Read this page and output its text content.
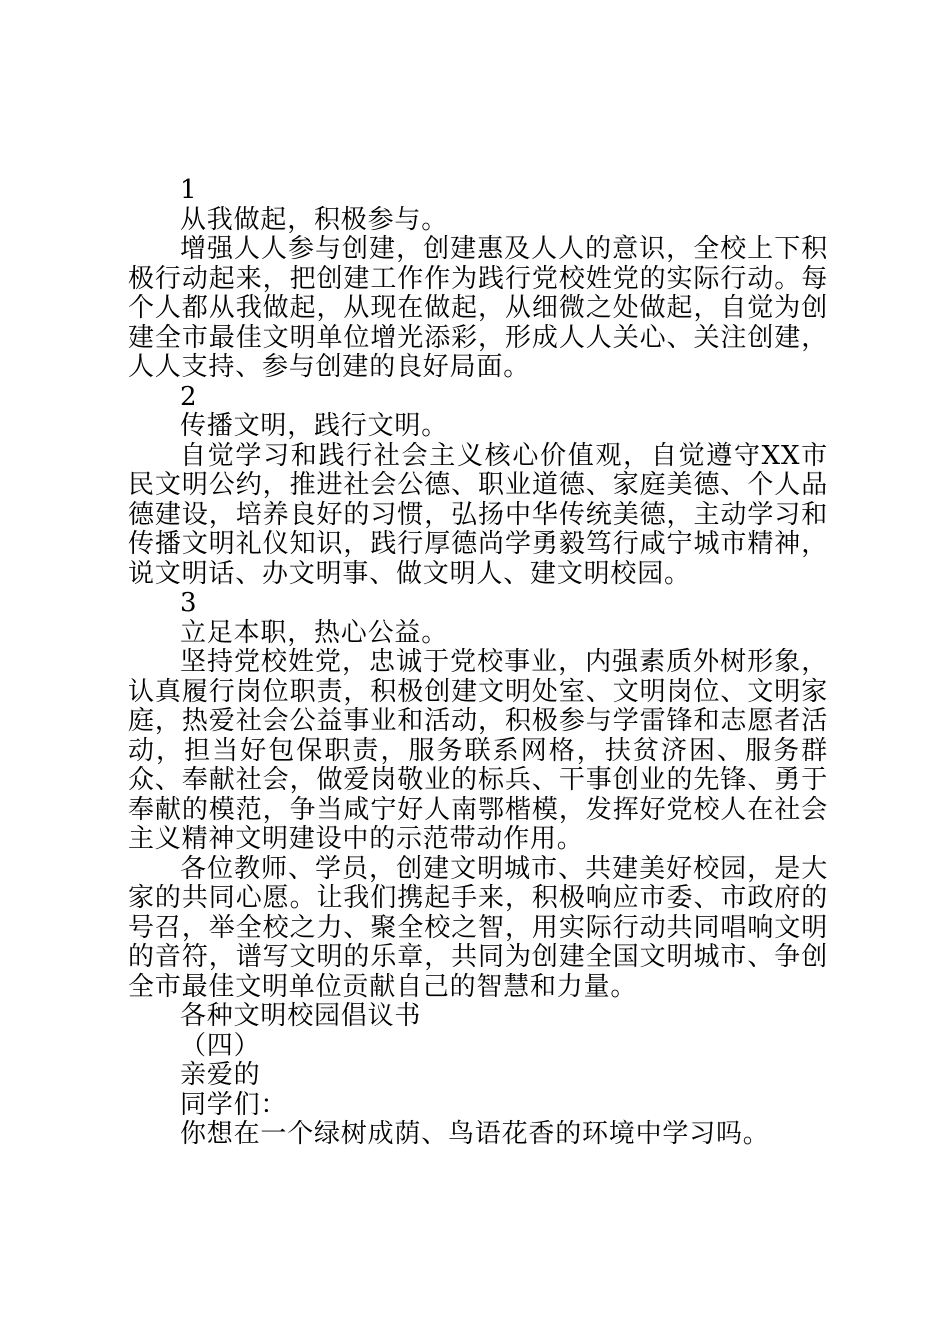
1

从我做起，积极参与。

增强人人参与创建，创建惠及人人的意识，全校上下积极行动起来，把创建工作作为践行党校姓党的实际行动。每个人都从我做起，从现在做起，从细微之处做起，自觉为创建全市最佳文明单位增光添彩，形成人人关心、关注创建，人人支持、参与创建的良好局面。

2

传播文明，践行文明。

自觉学习和践行社会主义核心价值观，自觉遵守XX市民文明公约，推进社会公德、职业道德、家庭美德、个人品德建设，培养良好的习惯，弘扬中华传统美德，主动学习和传播文明礼仪知识，践行厚德尚学勇毅笃行咸宁城市精神，说文明话、办文明事、做文明人、建文明校园。

3

立足本职，热心公益。

坚持党校姓党，忠诚于党校事业，内强素质外树形象，认真履行岗位职责，积极创建文明处室、文明岗位、文明家庭，热爱社会公益事业和活动，积极参与学雷锋和志愿者活动，担当好包保职责，服务联系网格，扶贫济困、服务群众、奉献社会，做爱岗敬业的标兵、干事创业的先锋、勇于奉献的模范，争当咸宁好人南鄂楷模，发挥好党校人在社会主义精神文明建设中的示范带动作用。

各位教师、学员，创建文明城市、共建美好校园，是大家的共同心愿。让我们携起手来，积极响应市委、市政府的号召，举全校之力、聚全校之智，用实际行动共同唱响文明的音符，谱写文明的乐章，共同为创建全国文明城市、争创全市最佳文明单位贡献自己的智慧和力量。

各种文明校园倡议书

（四）

亲爱的

同学们：

你想在一个绿树成荫、鸟语花香的环境中学习吗。
